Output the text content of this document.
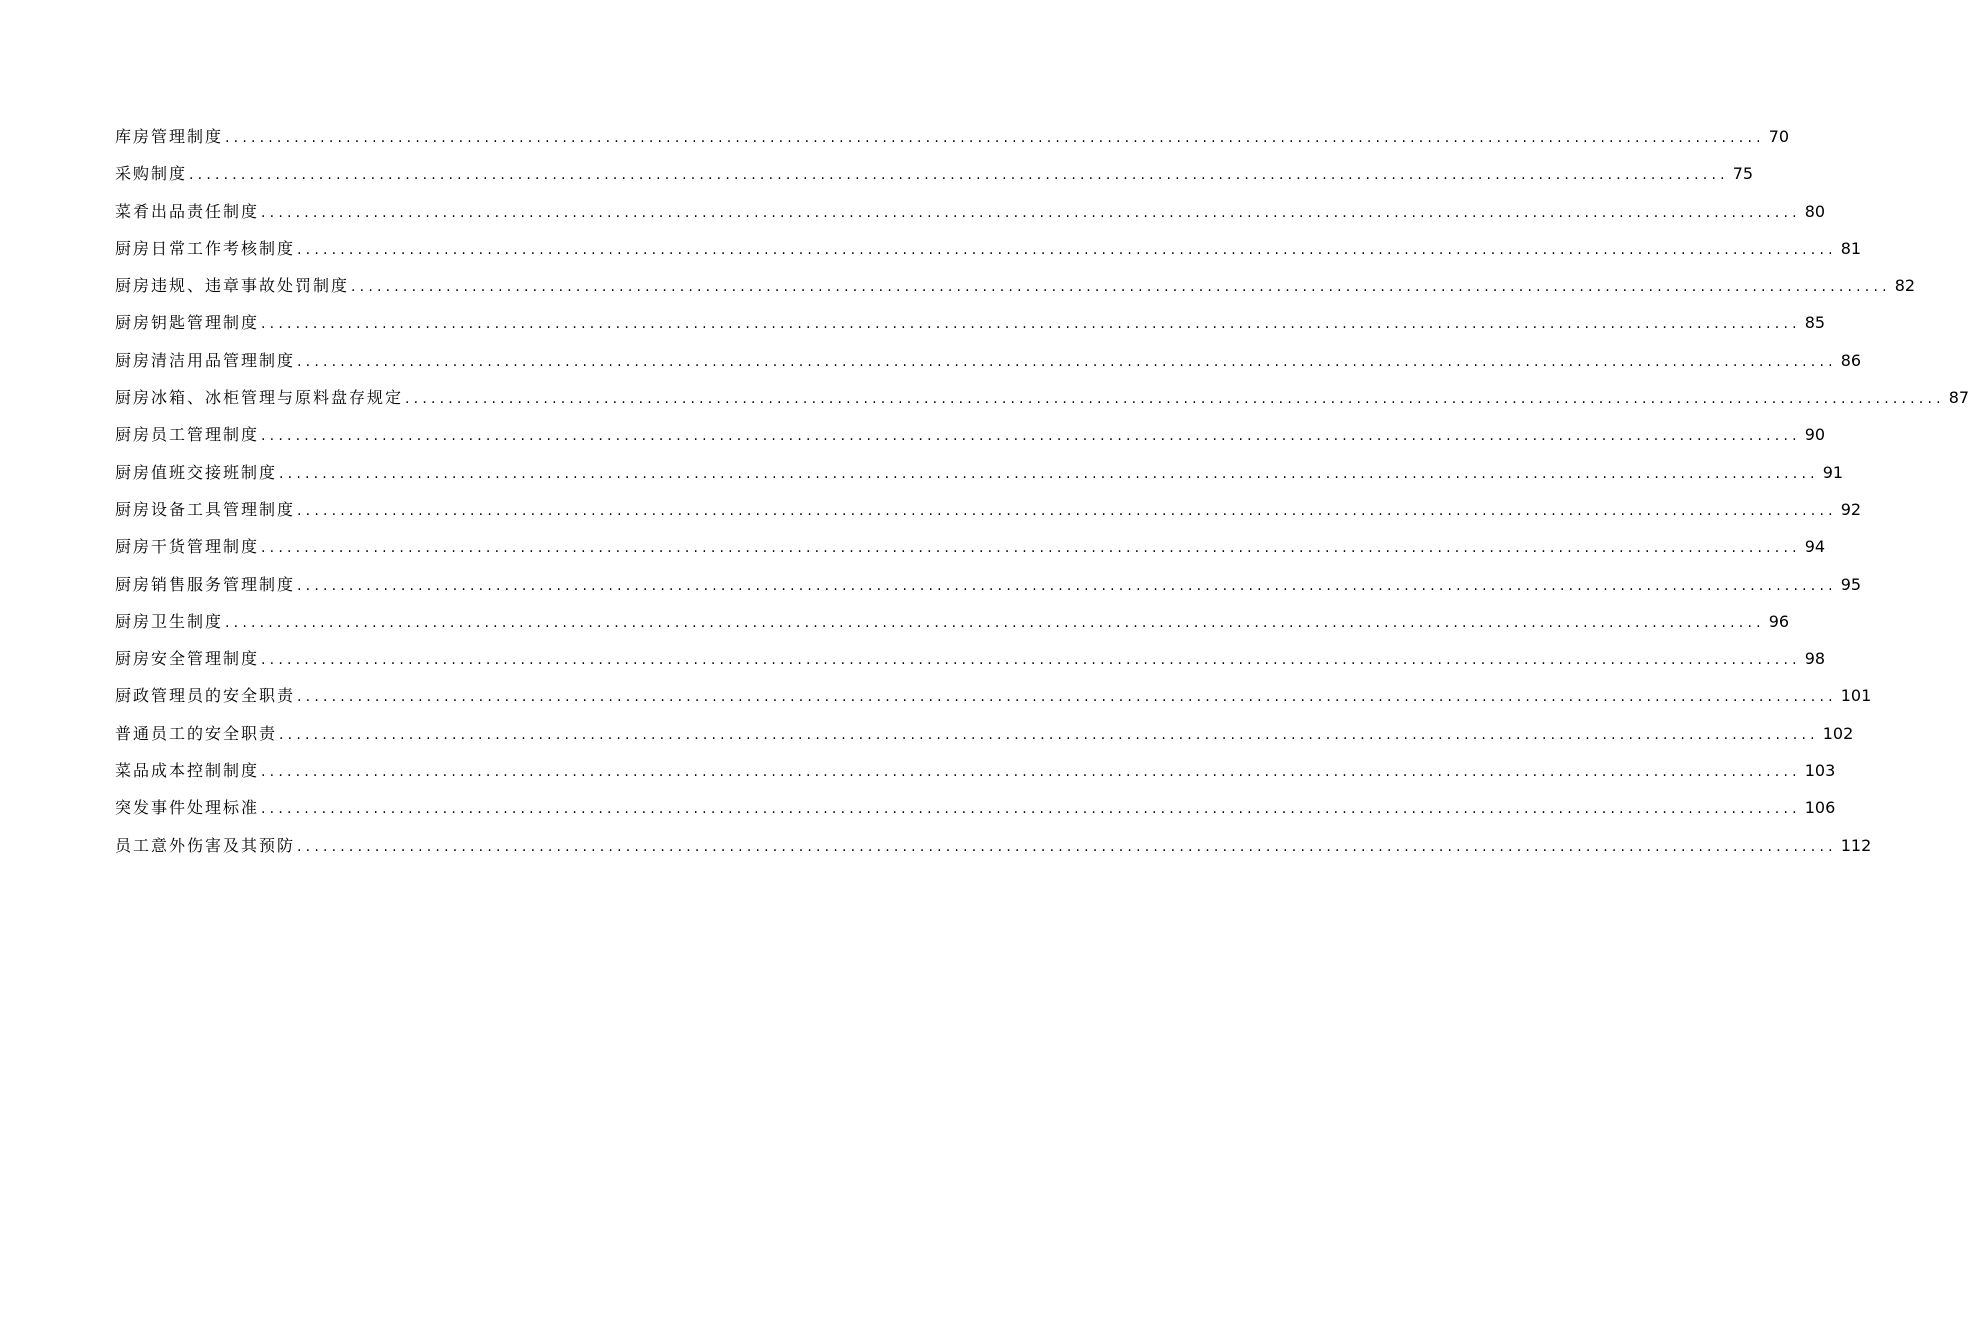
库房管理制度 .................................................................................................................................................................................. 70
采购制度 .................................................................................................................................................................................. 75
菜肴出品责任制度 .................................................................................................................................................................................. 80
厨房日常工作考核制度 .................................................................................................................................................................................. 81
厨房违规、违章事故处罚制度 .................................................................................................................................................................................. 82
厨房钥匙管理制度 .................................................................................................................................................................................. 85
厨房清洁用品管理制度 .................................................................................................................................................................................. 86
厨房冰箱、冰柜管理与原料盘存规定 .................................................................................................................................................................................. 87
厨房员工管理制度 .................................................................................................................................................................................. 90
厨房值班交接班制度 .................................................................................................................................................................................. 91
厨房设备工具管理制度 .................................................................................................................................................................................. 92
厨房干货管理制度 .................................................................................................................................................................................. 94
厨房销售服务管理制度 .................................................................................................................................................................................. 95
厨房卫生制度 .................................................................................................................................................................................. 96
厨房安全管理制度 .................................................................................................................................................................................. 98
厨政管理员的安全职责 .................................................................................................................................................................................. 101
普通员工的安全职责 .................................................................................................................................................................................. 102
菜品成本控制制度 .................................................................................................................................................................................. 103
突发事件处理标准 .................................................................................................................................................................................. 106
员工意外伤害及其预防 .................................................................................................................................................................................. 112
